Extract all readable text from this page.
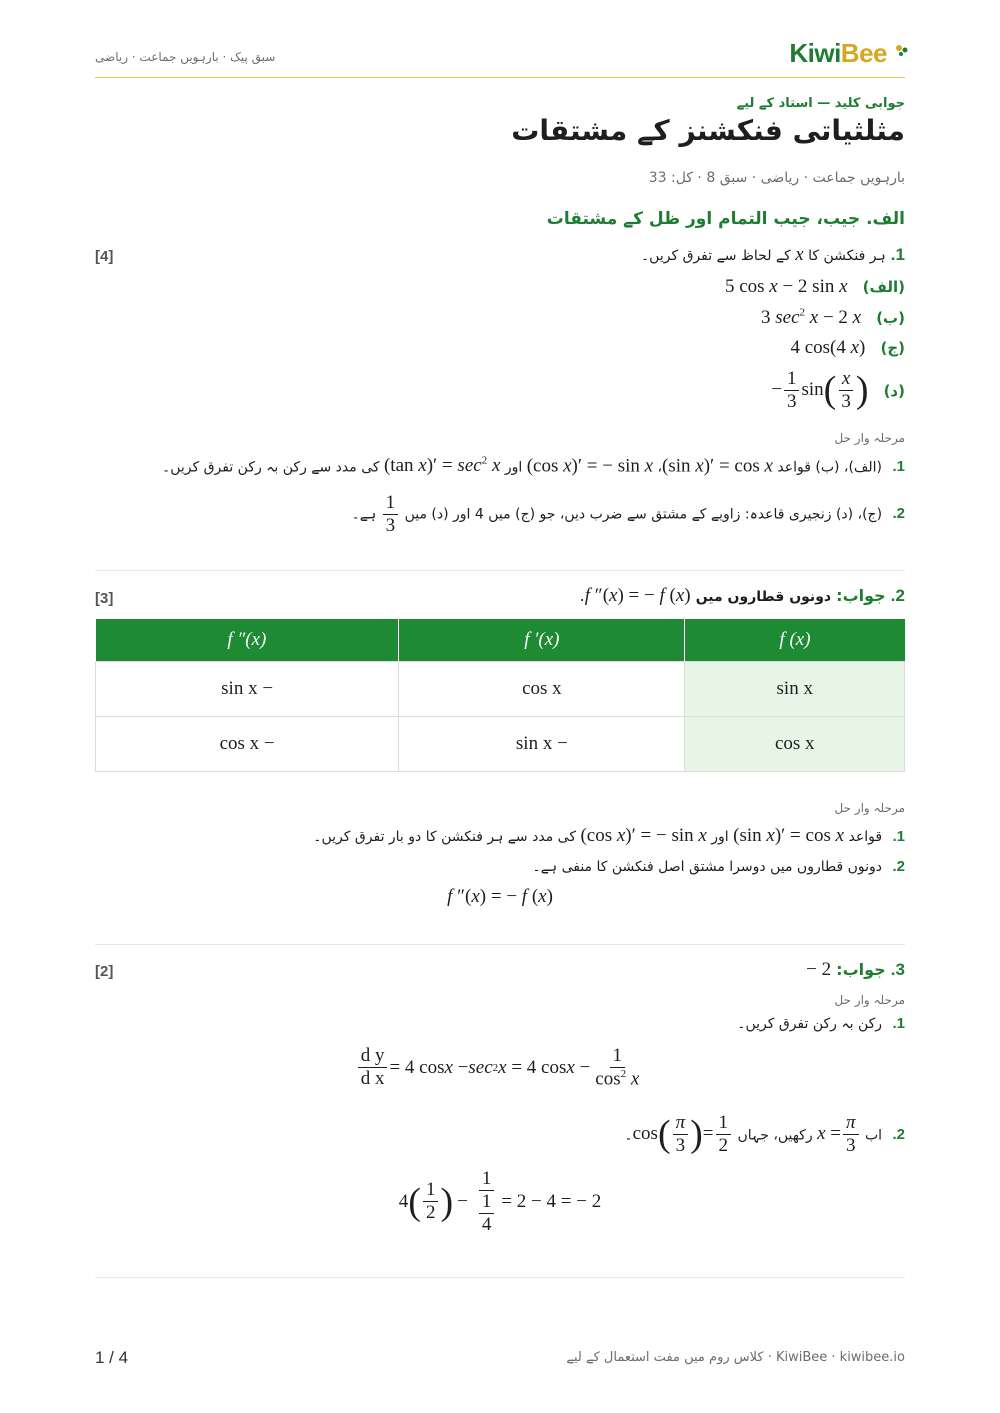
سبق پیک · بارہویں جماعت · ریاضی	KiwiBee
جوابی کلید — استاد کے لیے
مثلثیاتی فنکشنز کے مشتقات
بارہویں جماعت · ریاضی · سبق 8 · کل: 33
الف. جیب، جیب التمام اور ظل کے مشتقات
[4]	1. ہر فنکشن کا x کے لحاظ سے تفرق کریں۔
(الف) 5 cos x − 2 sin x
(ب) 3 $\sec^2 x - 2$ x
(ج) 4 cos(4 x)
(د) − $\frac{1}{3}$ sin ( $\frac{x}{3}$ )
مرحلہ وار حل
1. (الف)، (ب) قواعد (sin x)′ = cos x، (cos x)′ = − sin x اور (tan $x)' = \sec^2 x$ کی مدد سے رکن بہ رکن تفرق کریں۔
2. (ج)، (د) زنجیری قاعدہ: زاویے کے مشتق سے ضرب دیں، جو (ج) میں 4 اور (د) میں
$\frac{1}{3}$
ہے۔
[3]	2. جواب: دونوں قطاروں میں f ″(x) = − f (x).
f (x)	f ′(x)	f ″(x)
sin x	cos x	− sin x
cos x	− sin x	− cos x
مرحلہ وار حل
1. قواعد (sin x)′ = cos x اور (cos x)′ = − sin x کی مدد سے ہر فنکشن کا دو بار تفرق کریں۔
2. دونوں قطاروں میں دوسرا مشتق اصل فنکشن کا منفی ہے۔
f ″(x) = − f (x)
[2]	3. جواب: − 2
مرحلہ وار حل
1. رکن بہ رکن تفرق کریں۔
$\frac{\text{d y}}{\text{d x}} = 4$ cos x − sec 2 x = 4 $\cos x - \frac{1}{\cos^2 x}$
2. اب
$x = \frac{\pi}{3}$
رکھیں، جہاں cos ( $\frac{\pi}{3}$ ) = $\frac{1}{2}$
۔
4 ( $\frac{1}{2}$ ) − $\frac{1}{\frac{1}{4}} = 2 - 4$ = − 2
1 / 4	KiwiBee · kiwibee.io · کلاس روم میں مفت استعمال کے لیے
